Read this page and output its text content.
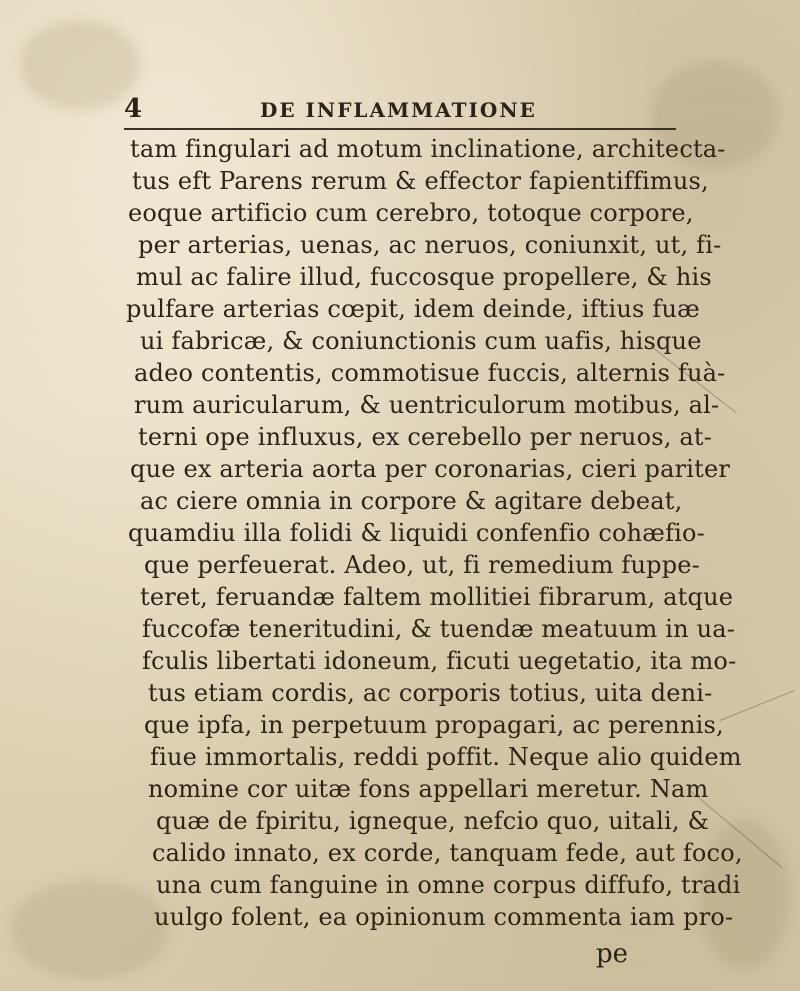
4	DE INFLAMMATIONE
tam fingulari ad motum inclinatione, architecta-
tus eft Parens rerum & effector fapientiffimus,
eoque artificio cum cerebro, totoque corpore,
per arterias, uenas, ac neruos, coniunxit, ut, fi-
mul ac falire illud, fuccosque propellere, & his
pulfare arterias cœpit, idem deinde, iftius fuæ
ui fabricæ, & coniunctionis cum uafis, hisque
adeo contentis, commotisue fuccis, alternis fuà-
rum auricularum, & uentriculorum motibus, al-
terni ope influxus, ex cerebello per neruos, at-
que ex arteria aorta per coronarias, cieri pariter
ac ciere omnia in corpore & agitare debeat,
quamdiu illa folidi & liquidi confenfio cohæfio-
que perfeuerat. Adeo, ut, fi remedium fuppe-
teret, feruandæ faltem mollitiei fibrarum, atque
fuccofæ teneritudini, & tuendæ meatuum in ua-
fculis libertati idoneum, ficuti uegetatio, ita mo-
tus etiam cordis, ac corporis totius, uita deni-
que ipfa, in perpetuum propagari, ac perennis,
fiue immortalis, reddi poffit. Neque alio quidem
nomine cor uitæ fons appellari meretur. Nam
quæ de fpiritu, igneque, nefcio quo, uitali, &
calido innato, ex corde, tanquam fede, aut foco,
una cum fanguine in omne corpus diffufo, tradi
uulgo folent, ea opinionum commenta iam pro-
pe
